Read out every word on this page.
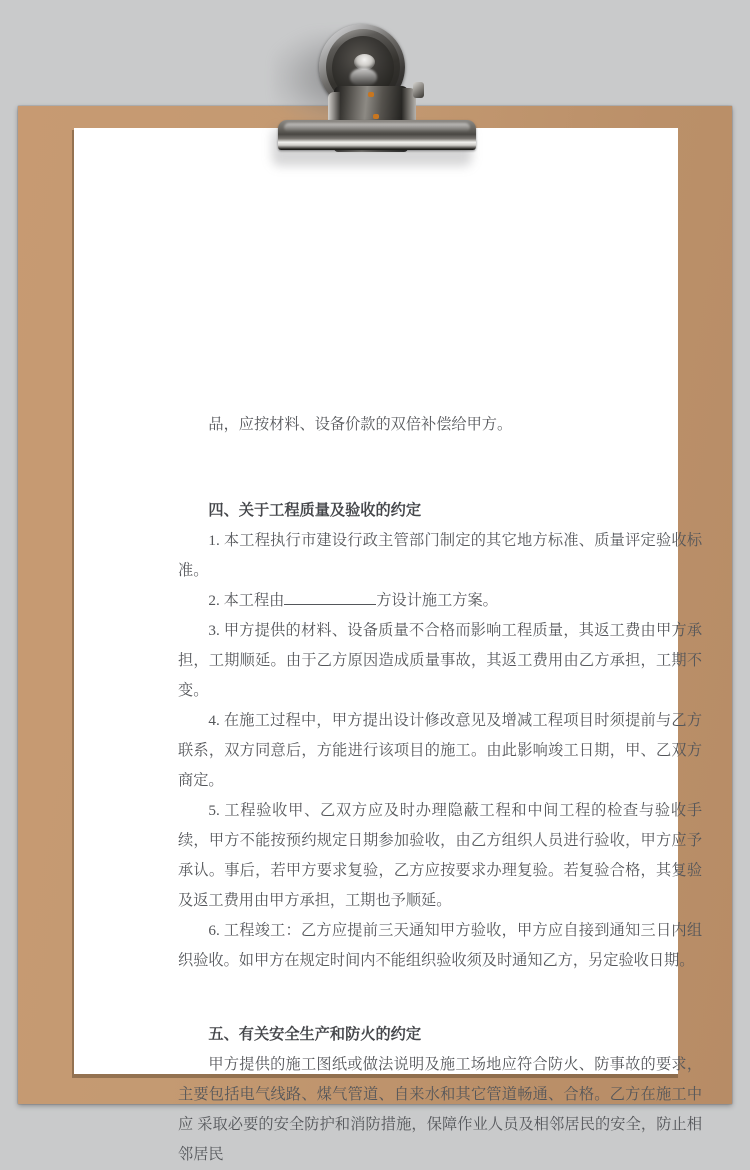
品，应按材料、设备价款的双倍补偿给甲方。

四、关于工程质量及验收的约定

1. 本工程执行市建设行政主管部门制定的其它地方标准、质量评定验收标准。

2. 本工程由	方设计施工方案。

3. 甲方提供的材料、设备质量不合格而影响工程质量，其返工费由甲方承担，工期顺延。由于乙方原因造成质量事故，其返工费用由乙方承担，工期不变。

4. 在施工过程中，甲方提出设计修改意见及增减工程项目时须提前与乙方联系，双方同意后，方能进行该项目的施工。由此影响竣工日期，甲、乙双方商定。

5. 工程验收甲、乙双方应及时办理隐蔽工程和中间工程的检查与验收手续，甲方不能按预约规定日期参加验收，由乙方组织人员进行验收，甲方应予承认。事后，若甲方要求复验，乙方应按要求办理复验。若复验合格，其复验及返工费用由甲方承担，工期也予顺延。

6. 工程竣工：乙方应提前三天通知甲方验收，甲方应自接到通知三日内组织验收。如甲方在规定时间内不能组织验收须及时通知乙方，另定验收日期。

五、有关安全生产和防火的约定

甲方提供的施工图纸或做法说明及施工场地应符合防火、防事故的要求，主要包括电气线路、煤气管道、自来水和其它管道畅通、合格。乙方在施工中应 采取必要的安全防护和消防措施，保障作业人员及相邻居民的安全，防止相邻居民
